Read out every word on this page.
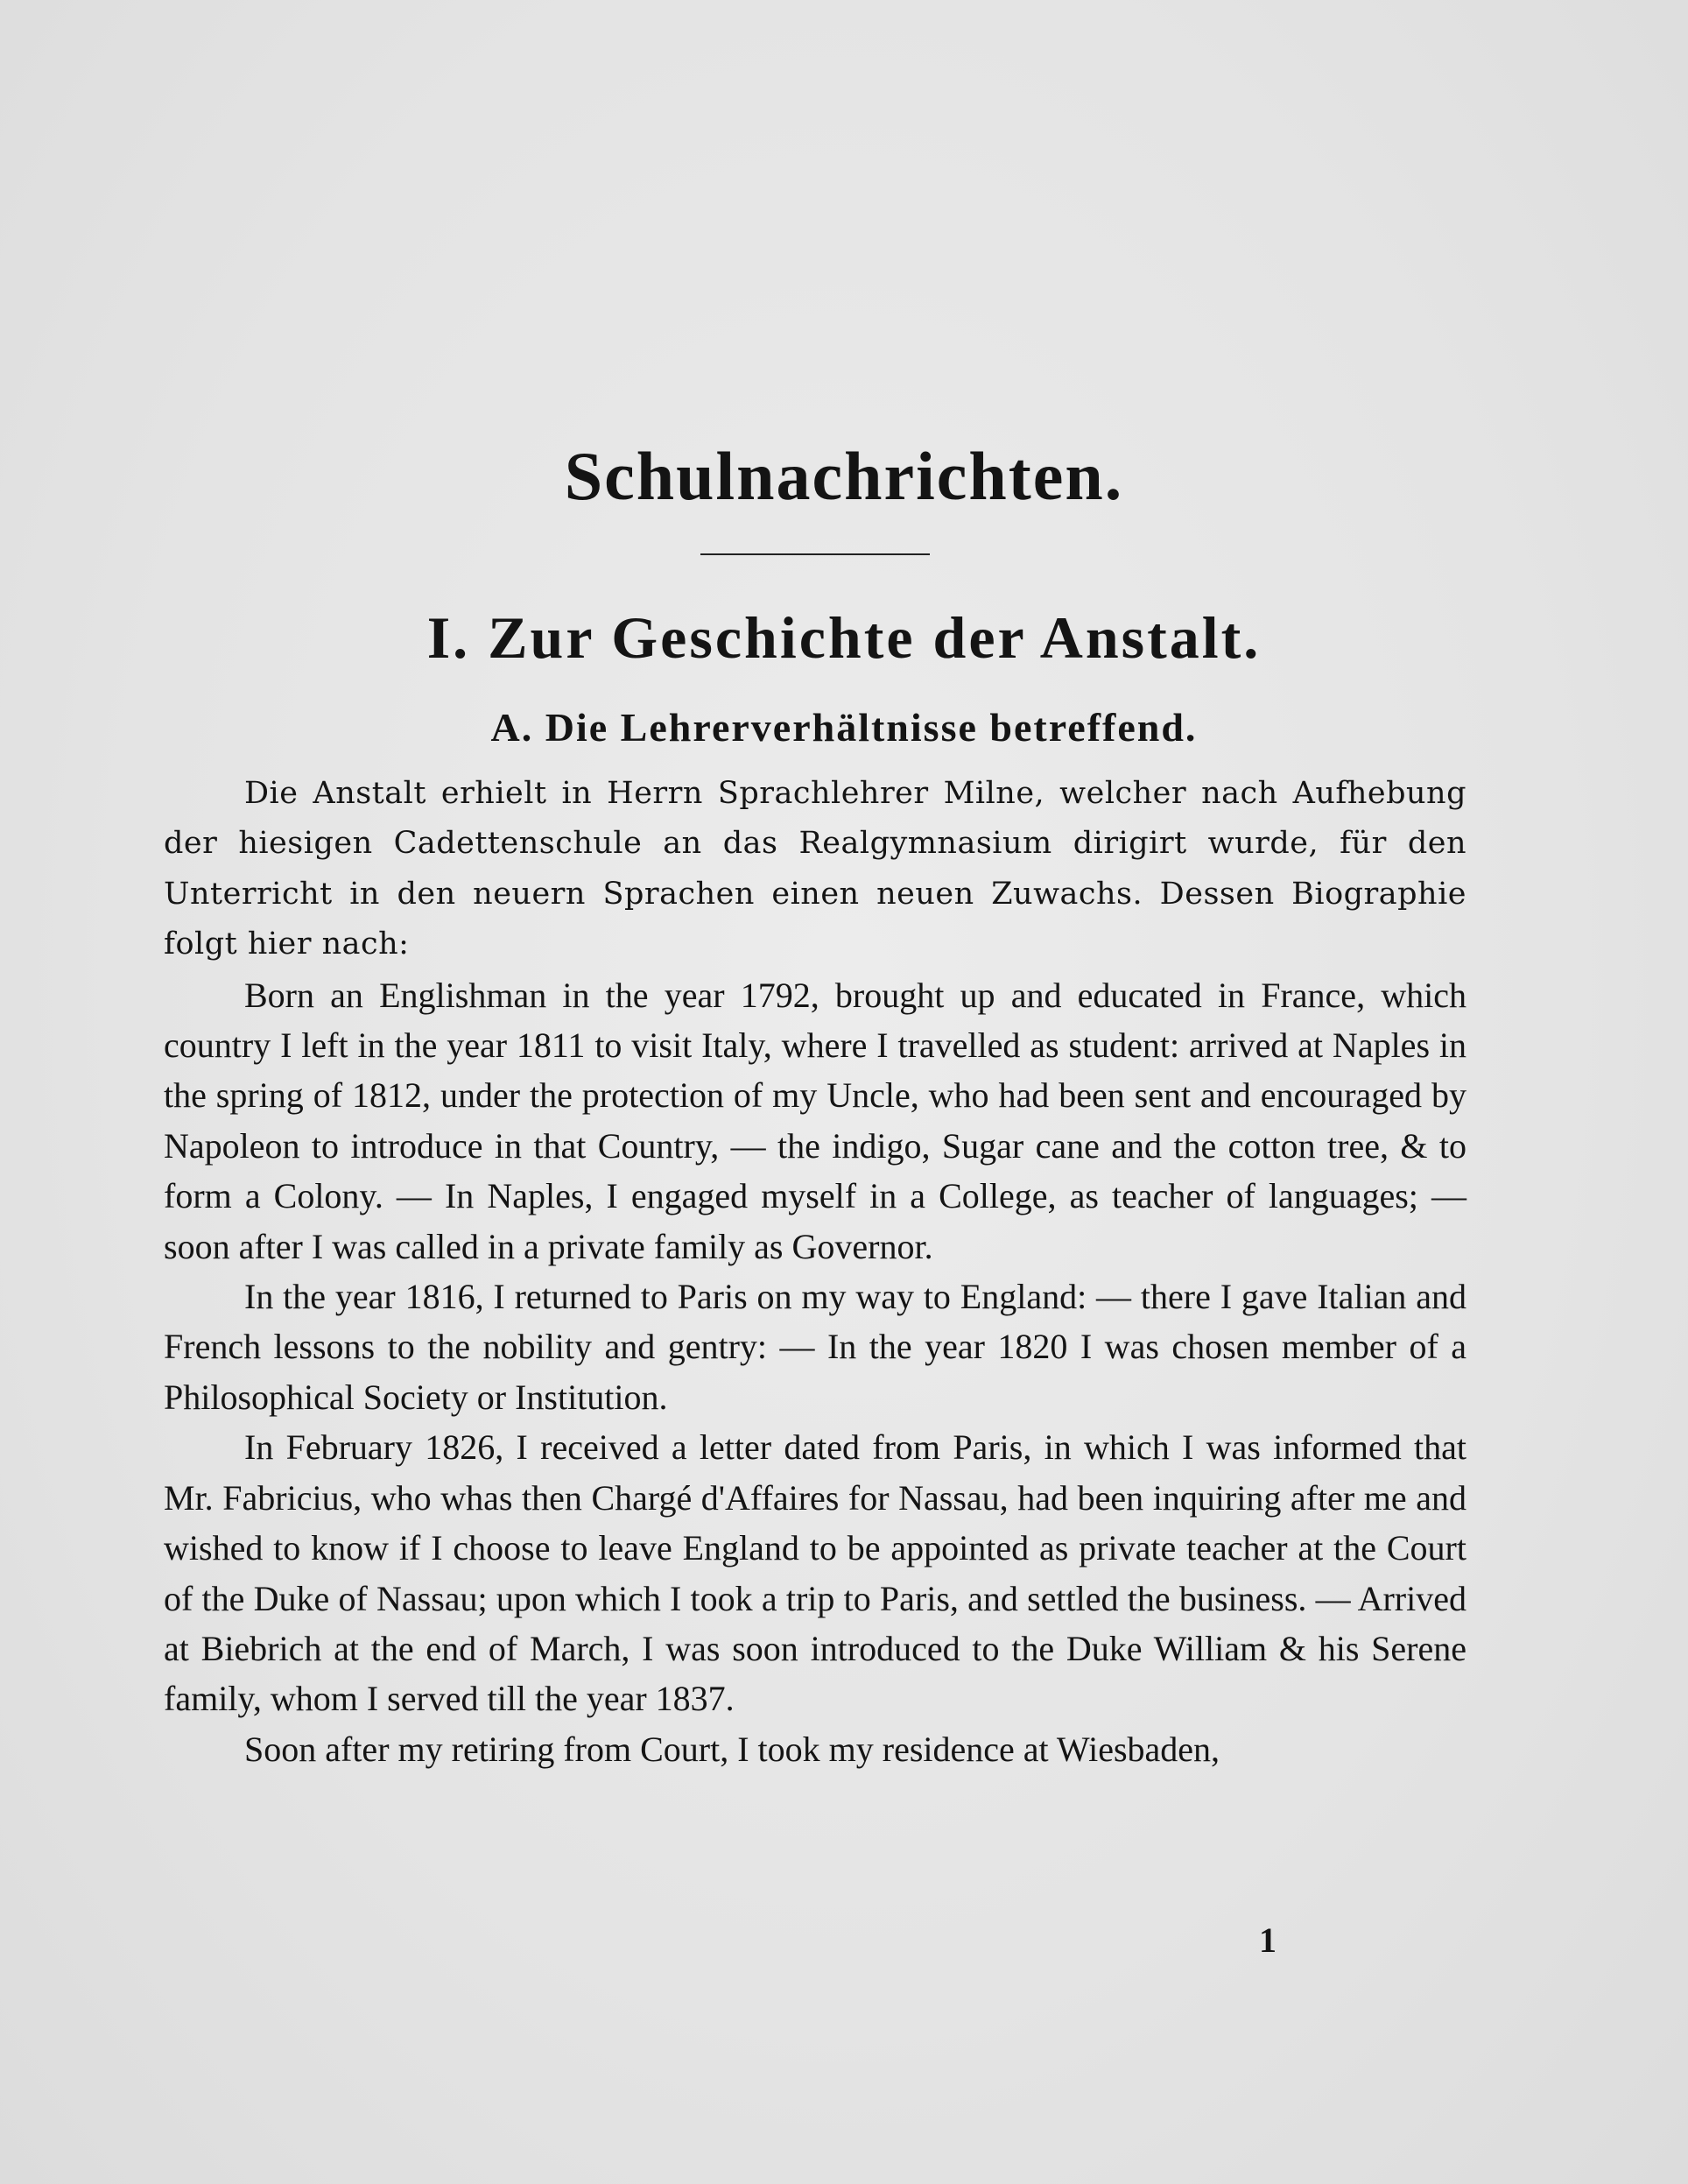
Schulnachrichten.
I. Zur Geschichte der Anstalt.
A. Die Lehrerverhältnisse betreffend.

Die Anstalt erhielt in Herrn Sprachlehrer Milne, welcher nach Aufhebung der hiesigen Cadettenschule an das Realgymnasium dirigirt wurde, für den Unterricht in den neuern Sprachen einen neuen Zuwachs. Dessen Biographie folgt hier nach:

Born an Englishman in the year 1792, brought up and educated in France, which country I left in the year 1811 to visit Italy, where I travelled as student: arrived at Naples in the spring of 1812, under the protection of my Uncle, who had been sent and encouraged by Napoleon to introduce in that Country, — the indigo, Sugar cane and the cotton tree, & to form a Colony. — In Naples, I engaged myself in a College, as teacher of languages; — soon after I was called in a private family as Governor.

In the year 1816, I returned to Paris on my way to England: — there I gave Italian and French lessons to the nobility and gentry: — In the year 1820 I was chosen member of a Philosophical Society or Institution.

In February 1826, I received a letter dated from Paris, in which I was informed that Mr. Fabricius, who whas then Chargé d'Affaires for Nassau, had been inquiring after me and wished to know if I choose to leave England to be appointed as private teacher at the Court of the Duke of Nassau; upon which I took a trip to Paris, and settled the business. — Arrived at Biebrich at the end of March, I was soon introduced to the Duke William & his Serene family, whom I served till the year 1837.

Soon after my retiring from Court, I took my residence at Wiesbaden,

1
